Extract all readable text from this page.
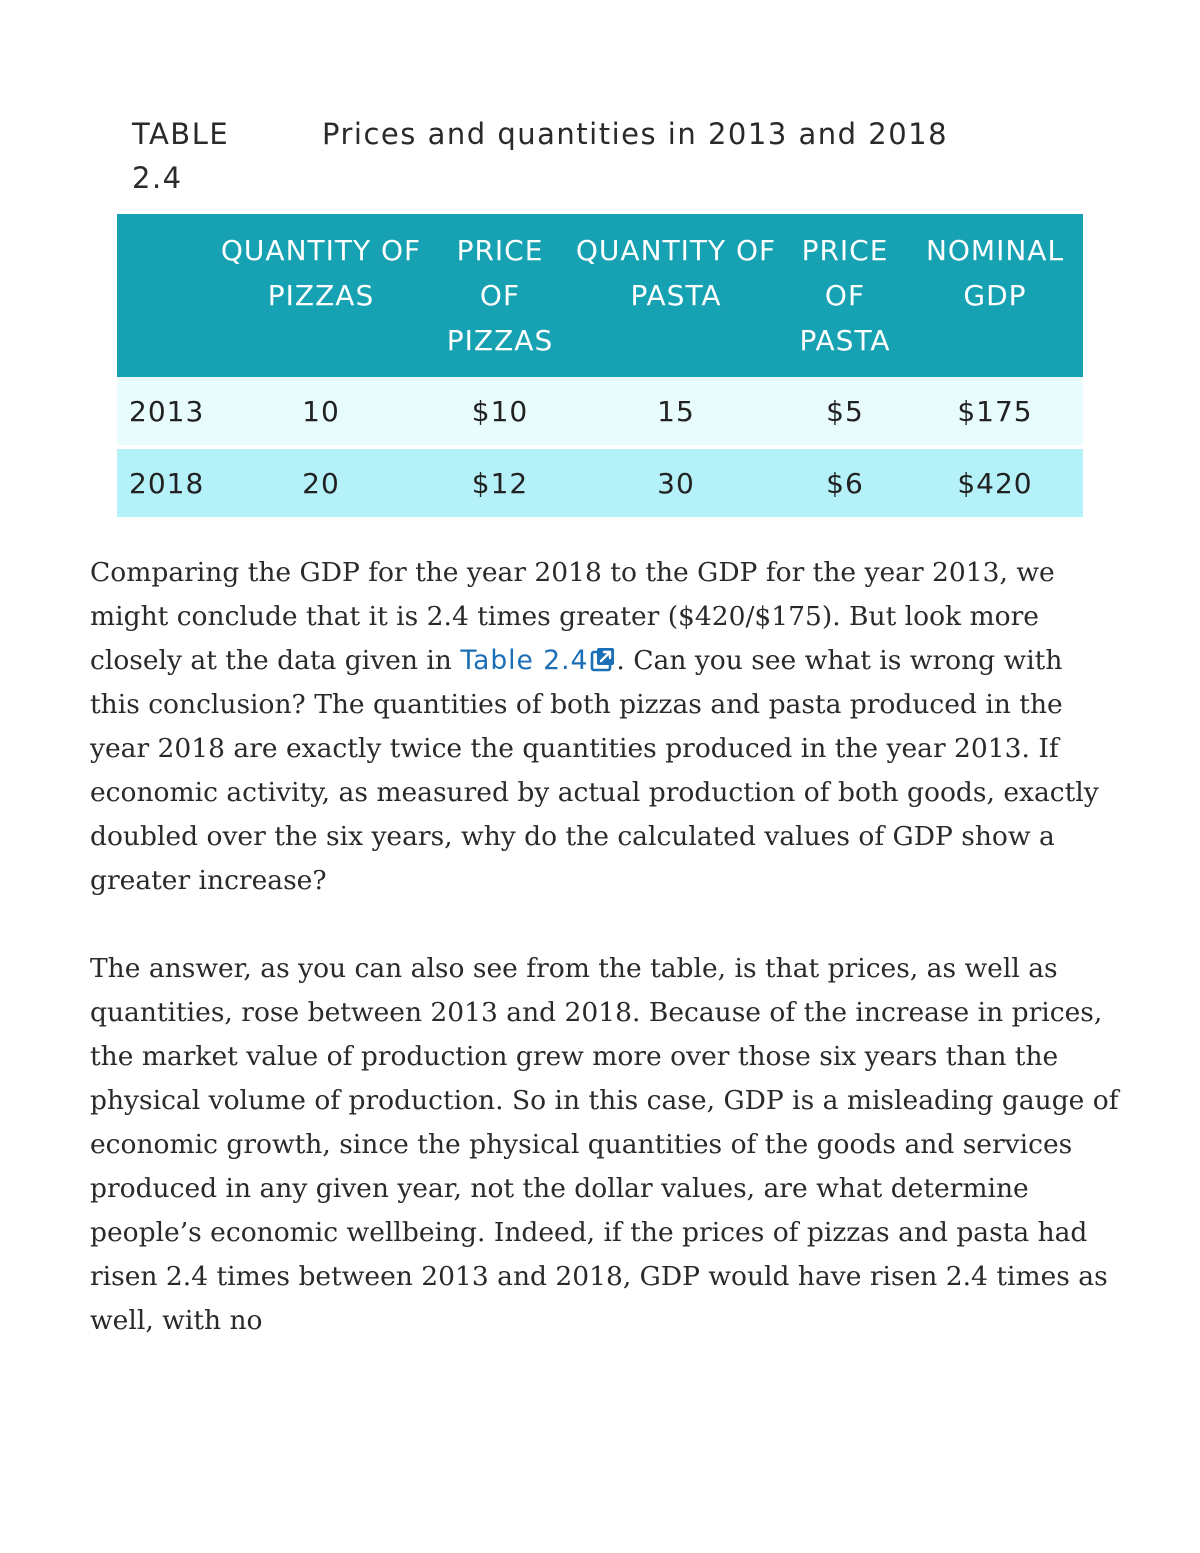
TABLE 2.4
Prices and quantities in 2013 and 2018
	QUANTITY OF PIZZAS	PRICE OF PIZZAS	QUANTITY OF PASTA	PRICE OF PASTA	NOMINAL GDP
2013	10	$10	15	$5	$175

2018	20	$12	30	$6	$420

Comparing the GDP for the year 2018 to the GDP for the year 2013, we might conclude that it is 2.4 times greater ($420/$175). But look more closely at the data given in Table 2.4 . Can you see what is wrong with this conclusion? The quantities of both pizzas and pasta produced in the year 2018 are exactly twice the quantities produced in the year 2013. If economic activity, as measured by actual production of both goods, exactly doubled over the six years, why do the calculated values of GDP show a greater increase?

The answer, as you can also see from the table, is that prices, as well as quantities, rose between 2013 and 2018. Because of the increase in prices, the market value of production grew more over those six years than the physical volume of production. So in this case, GDP is a misleading gauge of economic growth, since the physical quantities of the goods and services produced in any given year, not the dollar values, are what determine people’s economic wellbeing. Indeed, if the prices of pizzas and pasta had risen 2.4 times between 2013 and 2018, GDP would have risen 2.4 times as well, with no
